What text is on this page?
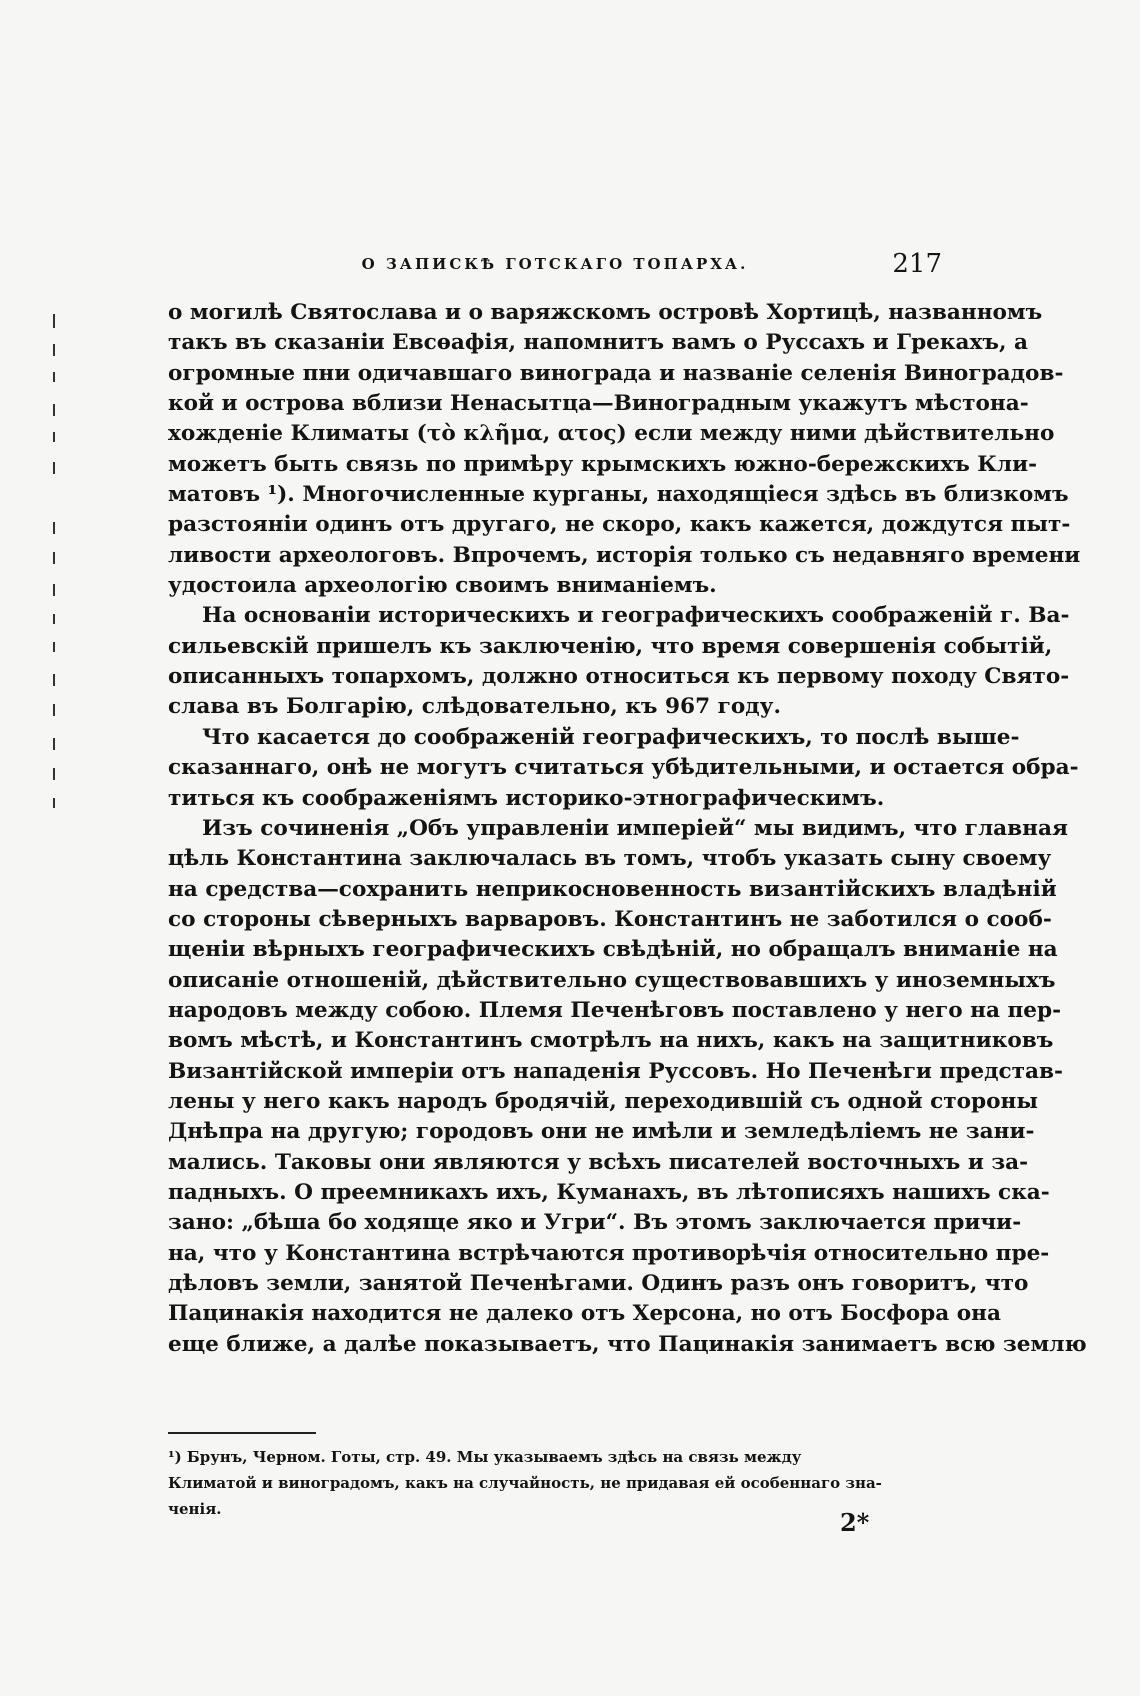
О ЗАПИСКѢ ГОТСКАГО ТОПАРХА.	217
о могилѣ Святослава и о варяжскомъ островѣ Хортицѣ, названномъ
такъ въ сказанiи Евсѳафія, напомнитъ вамъ о Руссахъ и Грекахъ, а
огромные пни одичавшаго винограда и названіе селенія Виноградов-
кой и острова вблизи Ненасытца—Виноградным укажутъ мѣстона-
хожденіе Климаты (τὸ κλῆμα, ατος) если между ними дѣйствительно
можетъ быть связь по примѣру крымскихъ южно-бережскихъ Кли-
матовъ ¹). Многочисленные курганы, находящіеся здѣсь въ близкомъ
разстояніи одинъ отъ другаго, не скоро, какъ кажется, дождутся пыт-
ливости археологовъ. Впрочемъ, исторія только съ недавняго времени
удостоила археологію своимъ вниманіемъ.
На основаніи историческихъ и географическихъ соображеній г. Ва-
сильевскій пришелъ къ заключенію, что время совершенія событій,
описанныхъ топархомъ, должно относиться къ первому походу Свято-
слава въ Болгарію, слѣдовательно, къ 967 году.
Что касается до соображеній географическихъ, то послѣ выше-
сказаннаго, онѣ не могутъ считаться убѣдительными, и остается обра-
титься къ соображеніямъ историко-этнографическимъ.
Изъ сочиненія „Объ управленіи имперіей“ мы видимъ, что главная
цѣль Константина заключалась въ томъ, чтобъ указать сыну своему
на средства—сохранить неприкосновенность византійскихъ владѣній
со стороны сѣверныхъ варваровъ. Константинъ не заботился о сооб-
щеніи вѣрныхъ географическихъ свѣдѣній, но обращалъ вниманіе на
описаніе отношеній, дѣйствительно существовавшихъ у иноземныхъ
народовъ между собою. Племя Печенѣговъ поставлено у него на пер-
вомъ мѣстѣ, и Константинъ смотрѣлъ на нихъ, какъ на защитниковъ
Византійской имперіи отъ нападенія Руссовъ. Но Печенѣги представ-
лены у него какъ народъ бродячій, переходившій съ одной стороны
Днѣпра на другую; городовъ они не имѣли и земледѣліемъ не зани-
мались. Таковы они являются у всѣхъ писателей восточныхъ и за-
падныхъ. О преемникахъ ихъ, Куманахъ, въ лѣтописяхъ нашихъ ска-
зано: „бѣша бо ходяще яко и Угри“. Въ этомъ заключается причи-
на, что у Константина встрѣчаются противорѣчія относительно пре-
дѣловъ земли, занятой Печенѣгами. Одинъ разъ онъ говоритъ, что
Пацинакія находится не далеко отъ Херсона, но отъ Босфора она
еще ближе, а далѣе показываетъ, что Пацинакія занимаетъ всю землю
¹) Брунъ, Черном. Готы, стр. 49. Мы указываемъ здѣсь на связь между
Климатой и виноградомъ, какъ на случайность, не придавая ей особеннаго зна-
ченія.	2*
